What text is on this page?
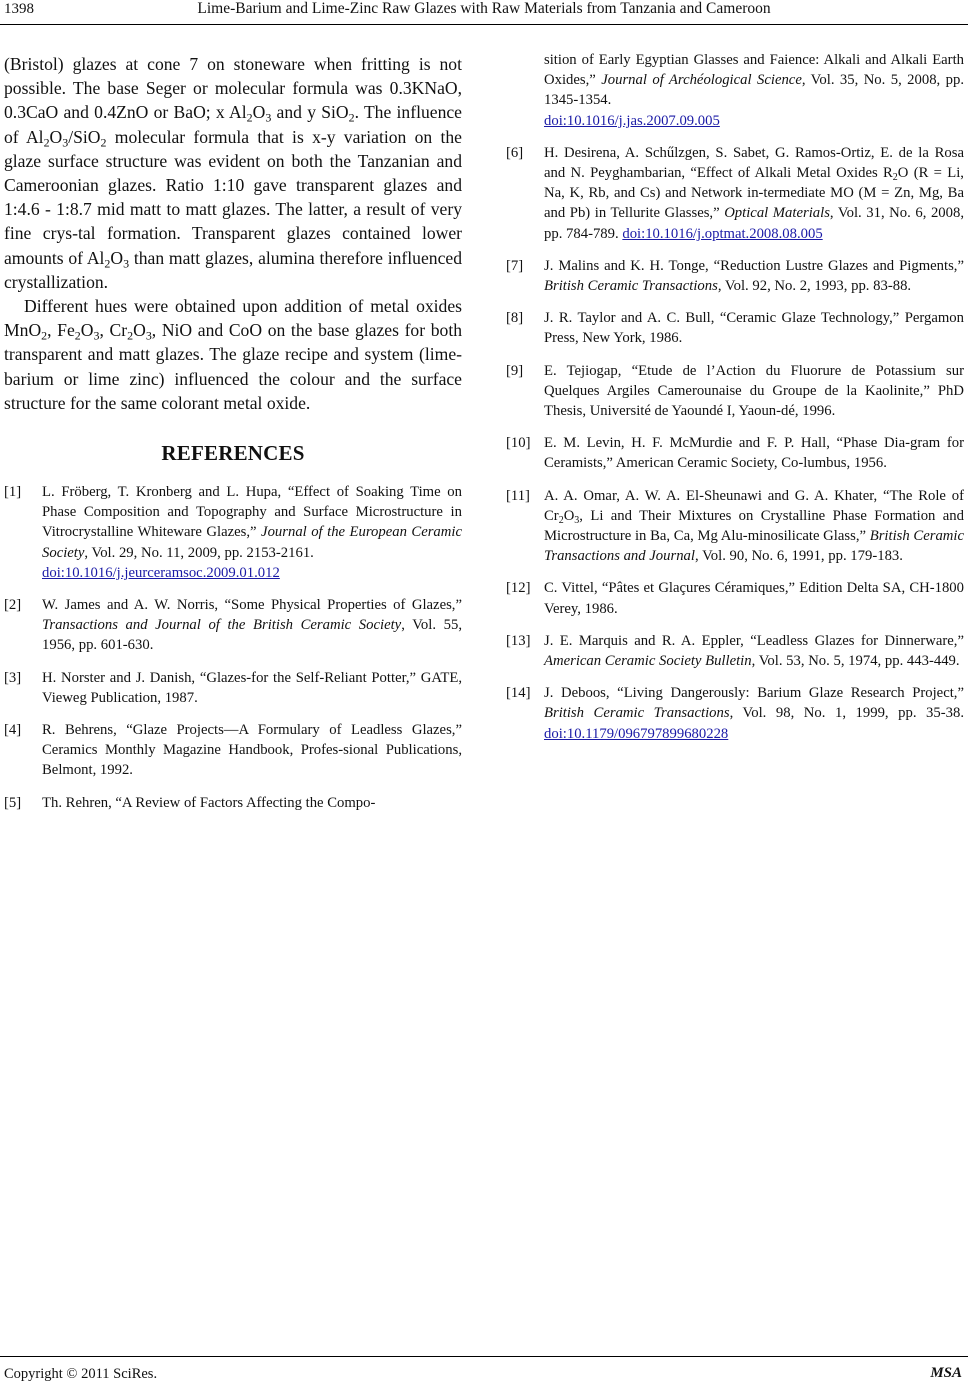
1398	Lime-Barium and Lime-Zinc Raw Glazes with Raw Materials from Tanzania and Cameroon

(Bristol) glazes at cone 7 on stoneware when fritting is not possible. The base Seger or molecular formula was 0.3KNaO, 0.3CaO and 0.4ZnO or BaO; x $Al_2O_3$ and y SiO$_2$. The influence of $Al_2O_3/SiO_2$ molecular formula that is x-y variation on the glaze surface structure was evident on both the Tanzanian and Cameroonian glazes. Ratio 1:10 gave transparent glazes and 1:4.6 - 1:8.7 mid matt to matt glazes. The latter, a result of very fine crys-tal formation. Transparent glazes contained lower amounts of $Al_2O_3$ than matt glazes, alumina therefore influenced crystallization.

Different hues were obtained upon addition of metal oxides MnO$_2$, $Fe_2O_3$, $Cr_2O_3$, NiO and CoO on the base glazes for both transparent and matt glazes. The glaze recipe and system (lime-barium or lime zinc) influenced the colour and the surface structure for the same colorant metal oxide.

REFERENCES
[1]	L. Fröberg, T. Kronberg and L. Hupa, “Effect of Soaking Time on Phase Composition and Topography and Surface Microstructure in Vitrocrystalline Whiteware Glazes,” Journal of the European Ceramic Society, Vol. 29, No. 11, 2009, pp. 2153-2161.
doi:10.1016/j.jeurceramsoc.2009.01.012
[2]	W. James and A. W. Norris, “Some Physical Properties of Glazes,” Transactions and Journal of the British Ceramic Society, Vol. 55, 1956, pp. 601-630.
[3]	H. Norster and J. Danish, “Glazes-for the Self-Reliant Potter,” GATE, Vieweg Publication, 1987.
[4]	R. Behrens, “Glaze Projects—A Formulary of Leadless Glazes,” Ceramics Monthly Magazine Handbook, Profes-sional Publications, Belmont, 1992.
[5]	Th. Rehren, “A Review of Factors Affecting the Compo-
sition of Early Egyptian Glasses and Faience: Alkali and Alkali Earth Oxides,” Journal of Archéological Science, Vol. 35, No. 5, 2008, pp. 1345-1354.
doi:10.1016/j.jas.2007.09.005
[6]	H. Desirena, A. Schűlzgen, S. Sabet, G. Ramos-Ortiz, E. de la Rosa and N. Peyghambarian, “Effect of Alkali Metal Oxides $R_2O$ (R = Li, Na, K, Rb, and Cs) and Network in-termediate MO (M = Zn, Mg, Ba and Pb) in Tellurite Glasses,” Optical Materials, Vol. 31, No. 6, 2008, pp. 784-789. doi:10.1016/j.optmat.2008.08.005
[7]	J. Malins and K. H. Tonge, “Reduction Lustre Glazes and Pigments,” British Ceramic Transactions, Vol. 92, No. 2, 1993, pp. 83-88.
[8]	J. R. Taylor and A. C. Bull, “Ceramic Glaze Technology,” Pergamon Press, New York, 1986.
[9]	E. Tejiogap, “Etude de l’Action du Fluorure de Potassium sur Quelques Argiles Camerounaise du Groupe de la Kaolinite,” PhD Thesis, Université de Yaoundé I, Yaoun-dé, 1996.
[10] E. M. Levin, H. F. McMurdie and F. P. Hall, “Phase Dia-gram for Ceramists,” American Ceramic Society, Co-lumbus, 1956.
[11] A. A. Omar, A. W. A. El-Sheunawi and G. A. Khater, “The Role of $Cr_2O_3$, Li and Their Mixtures on Crystalline Phase Formation and Microstructure in Ba, Ca, Mg Alu-minosilicate Glass,” British Ceramic Transactions and Journal, Vol. 90, No. 6, 1991, pp. 179-183.
[12] C. Vittel, “Pâtes et Glaçures Céramiques,” Edition Delta SA, CH-1800 Verey, 1986.
[13] J. E. Marquis and R. A. Eppler, “Leadless Glazes for Dinnerware,” American Ceramic Society Bulletin, Vol. 53, No. 5, 1974, pp. 443-449.
[14] J. Deboos, “Living Dangerously: Barium Glaze Research Project,” British Ceramic Transactions, Vol. 98, No. 1, 1999, pp. 35-38. doi:10.1179/096797899680228
Copyright © 2011 SciRes.	MSA
